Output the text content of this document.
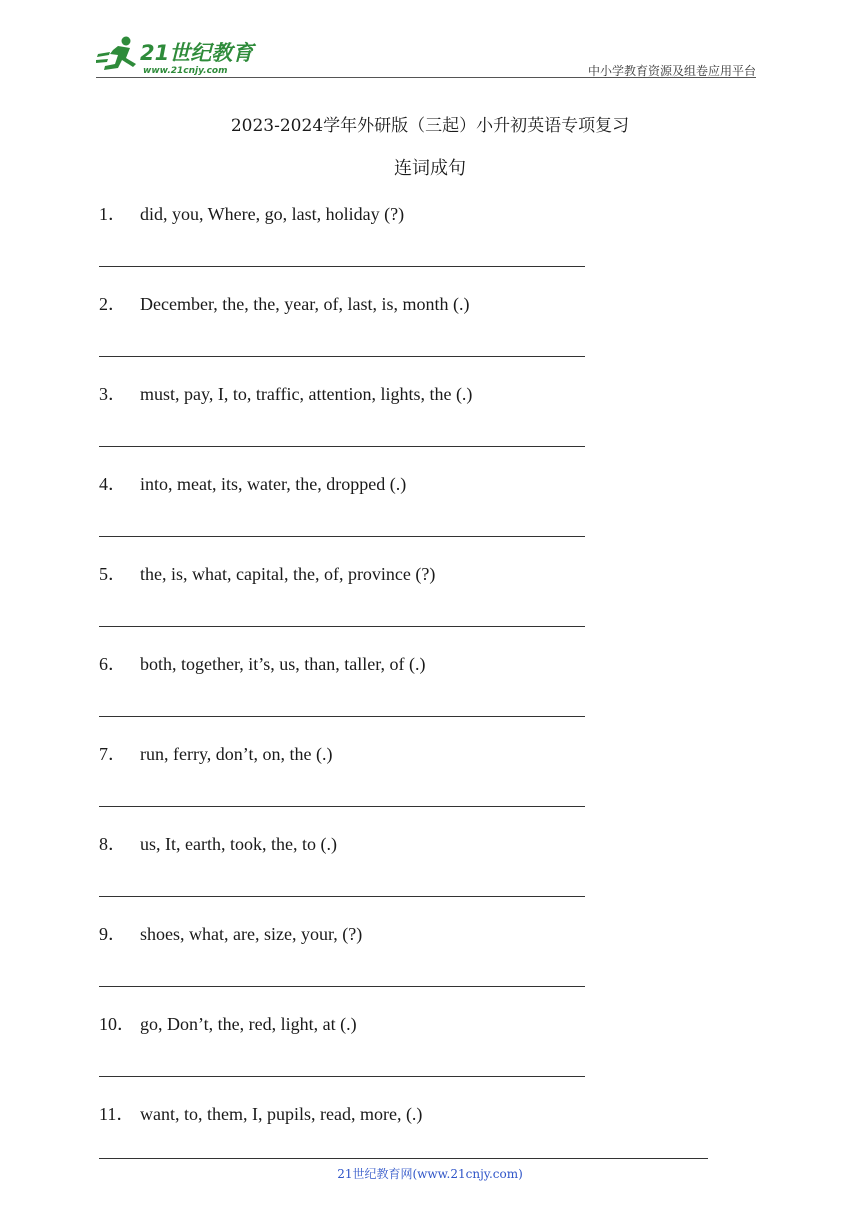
21世纪教育
www.21cnjy.com	中小学教育资源及组卷应用平台
2023-2024学年外研版（三起）小升初英语专项复习
连词成句
1． did, you, Where, go, last, holiday (?)
2． December, the, the, year, of, last, is, month (.)
3． must, pay, I, to, traffic, attention, lights, the (.)
4． into, meat, its, water, the, dropped (.)
5． the, is, what, capital, the, of, province (?)
6． both, together, it’s, us, than, taller, of (.)
7． run, ferry, don’t, on, the (.)
8． us, It, earth, took, the, to (.)
9． shoes, what, are, size, your, (?)
10． go, Don’t, the, red, light, at (.)
11． want, to, them, I, pupils, read, more, (.)
21世纪教育网(www.21cnjy.com)
